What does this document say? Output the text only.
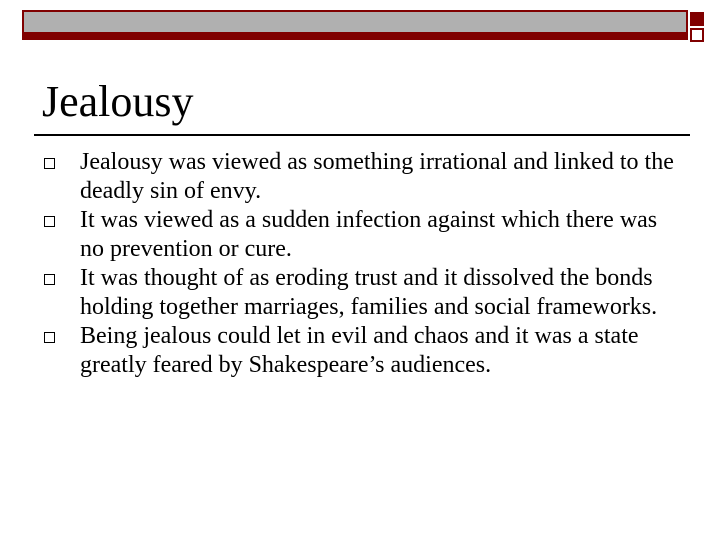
Jealousy
Jealousy was viewed as something irrational and linked to the deadly sin of envy.
It was viewed as a sudden infection against which there was no prevention or cure.
It was thought of as eroding trust and it dissolved the bonds holding together marriages, families and social frameworks.
Being jealous could let in evil and chaos and it was a state greatly feared by Shakespeare’s audiences.
